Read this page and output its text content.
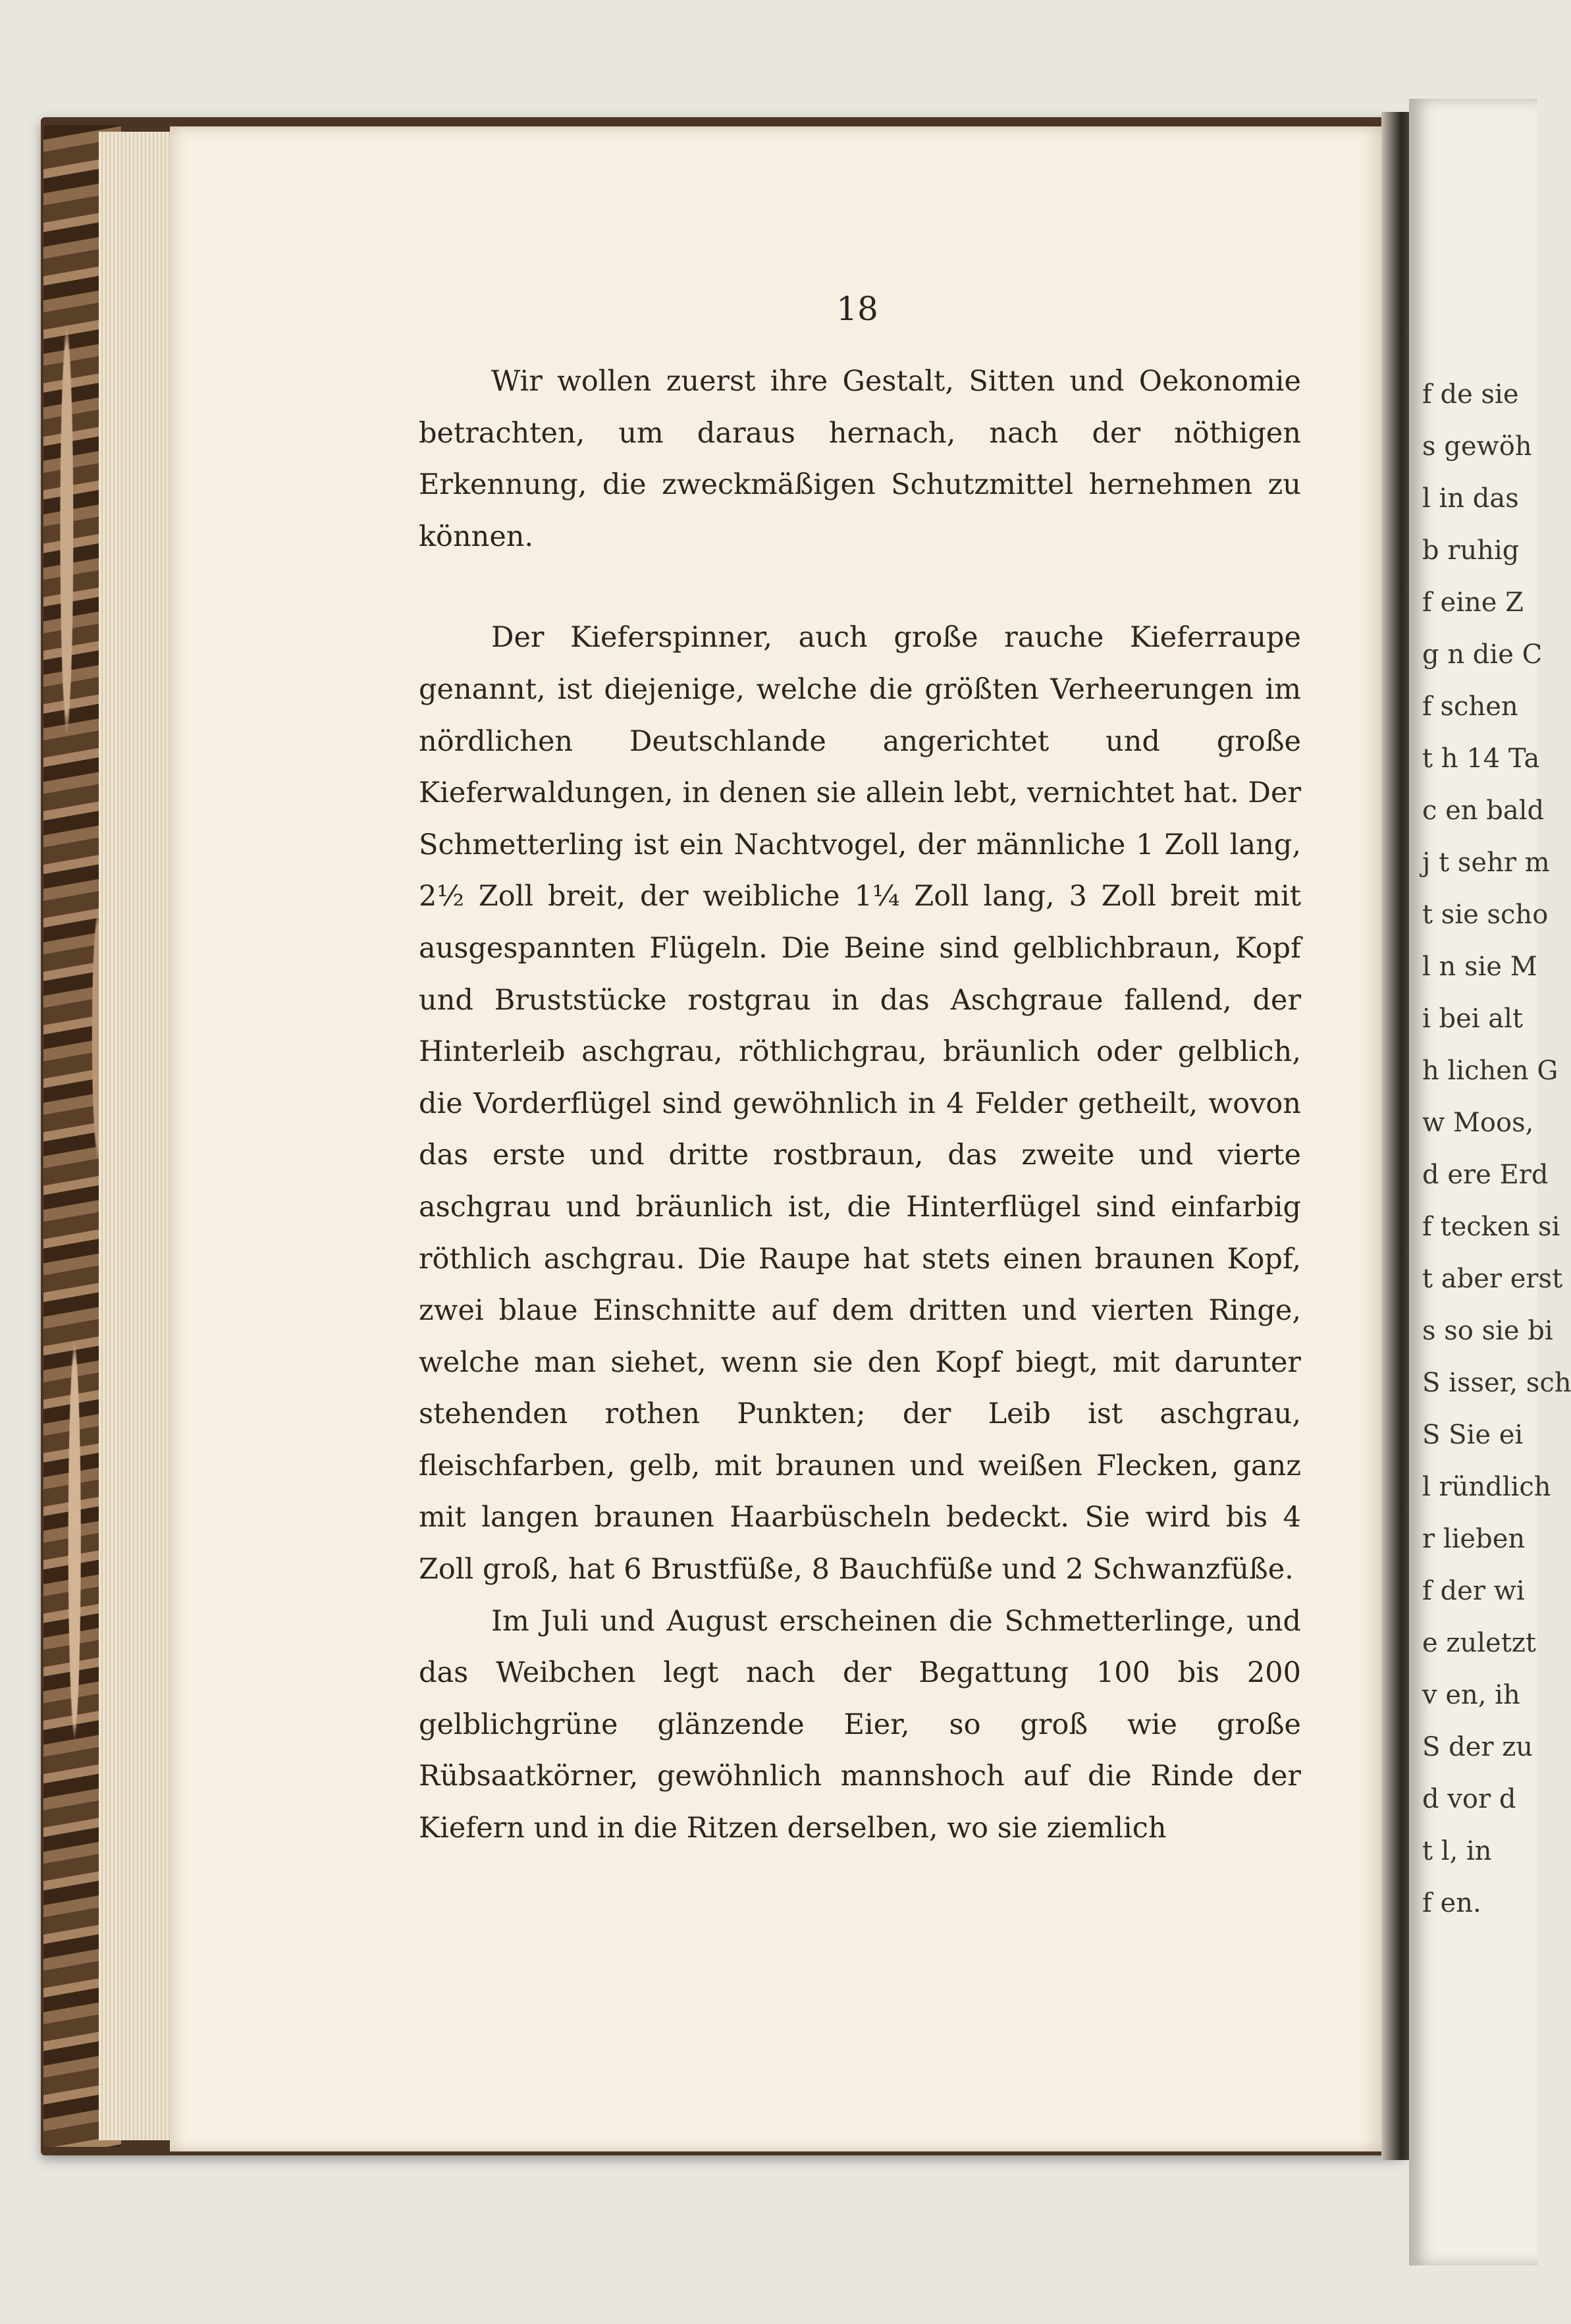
18

Wir wollen zuerst ihre Gestalt, Sitten und Oekonomie betrachten, um daraus hernach, nach der nöthigen Erkennung, die zweckmäßigen Schutzmittel hernehmen zu können.

Der Kieferspinner, auch große rauche Kieferraupe genannt, ist diejenige, welche die größten Verheerungen im nördlichen Deutschlande angerichtet und große Kieferwaldungen, in denen sie allein lebt, vernichtet hat. Der Schmetterling ist ein Nachtvogel, der männliche 1 Zoll lang, 2½ Zoll breit, der weibliche 1¼ Zoll lang, 3 Zoll breit mit ausgespannten Flügeln. Die Beine sind gelblichbraun, Kopf und Bruststücke rostgrau in das Aschgraue fallend, der Hinterleib aschgrau, röthlichgrau, bräunlich oder gelblich, die Vorderflügel sind gewöhnlich in 4 Felder getheilt, wovon das erste und dritte rostbraun, das zweite und vierte aschgrau und bräunlich ist, die Hinterflügel sind einfarbig röthlich aschgrau. Die Raupe hat stets einen braunen Kopf, zwei blaue Einschnitte auf dem dritten und vierten Ringe, welche man siehet, wenn sie den Kopf biegt, mit darunter stehenden rothen Punkten; der Leib ist aschgrau, fleischfarben, gelb, mit braunen und weißen Flecken, ganz mit langen braunen Haarbüscheln bedeckt. Sie wird bis 4 Zoll groß, hat 6 Brustfüße, 8 Bauchfüße und 2 Schwanzfüße.

Im Juli und August erscheinen die Schmetterlinge, und das Weibchen legt nach der Begattung 100 bis 200 gelblichgrüne glänzende Eier, so groß wie große Rübsaatkörner, gewöhnlich mannshoch auf die Rinde der Kiefern und in die Ritzen derselben, wo sie ziemlich

f de sie
s gewöh
l in das
b ruhig
f eine Z
g n die C
f schen
t h 14 Ta
c en bald
j t sehr m
t sie scho
l n sie M
i bei alt
h lichen G
w Moos,
d ere Erd
f tecken si
t aber erst
s so sie bi
S isser, sch
S Sie ei
l ründlich
r lieben
f der wi
e zuletzt
v en, ih
S der zu
d vor d
t l, in
f en.
